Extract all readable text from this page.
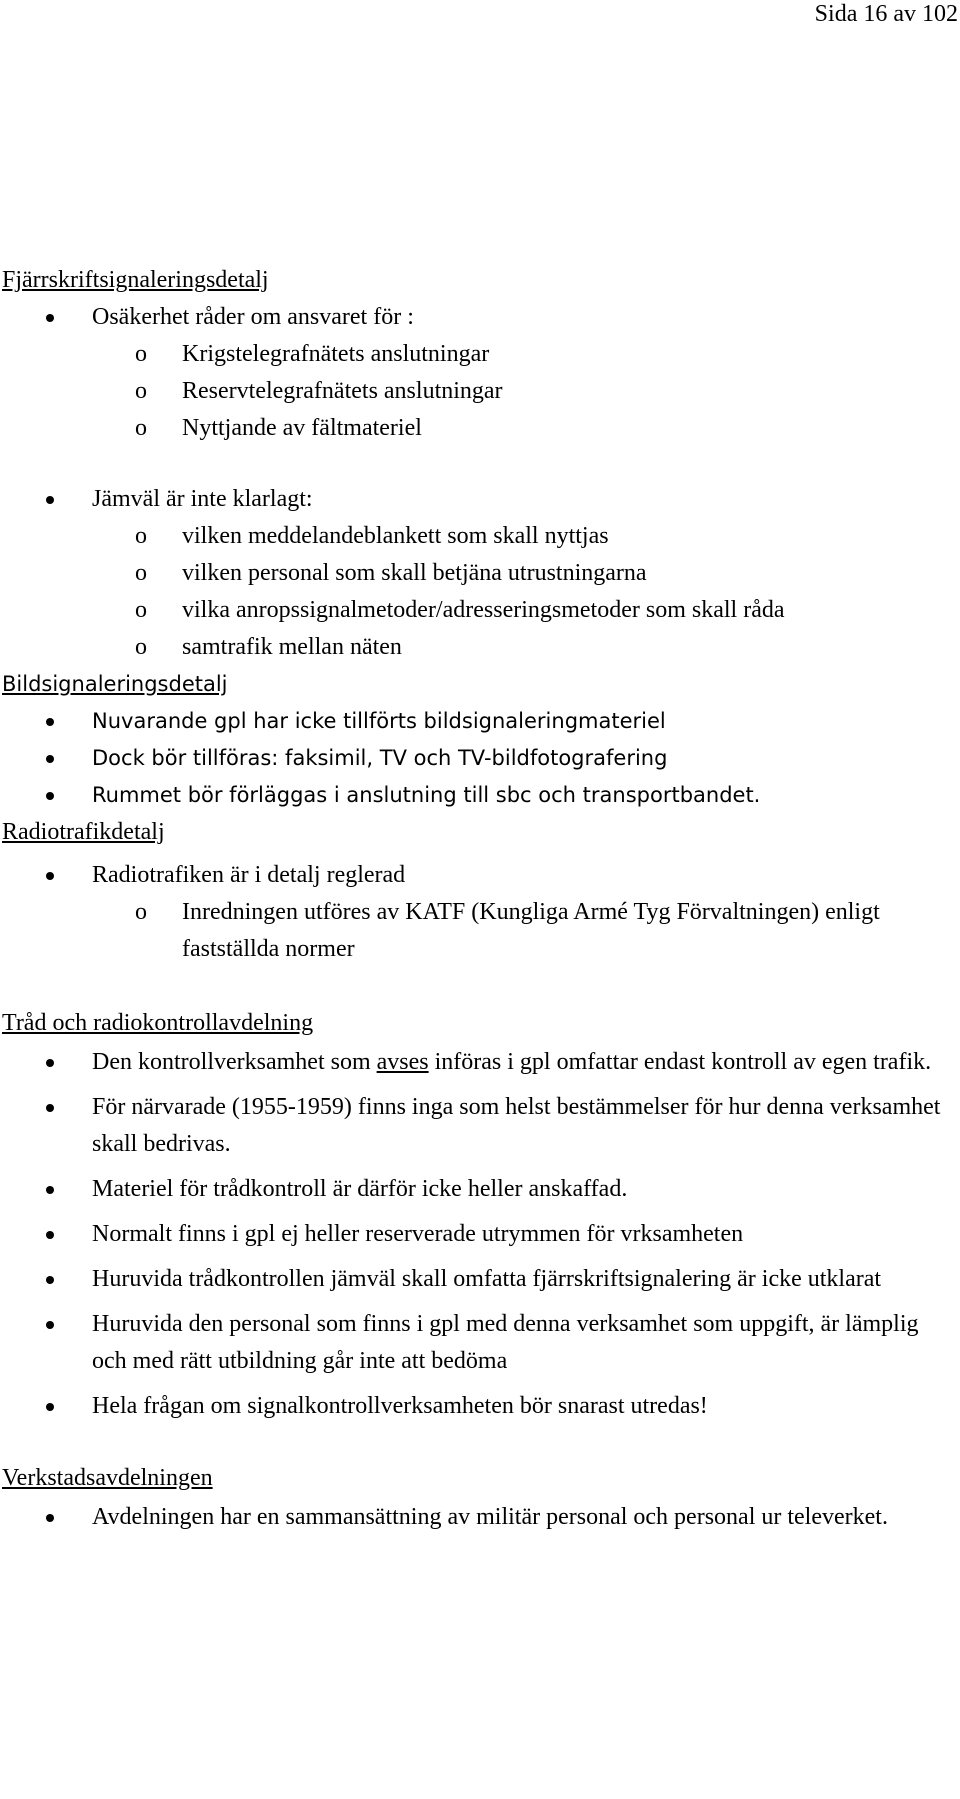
Sida 16 av 102

Fjärrskriftsignaleringsdetalj

Osäkerhet råder om ansvaret för :
o Krigstelegrafnätets anslutningar
o Reservtelegrafnätets anslutningar
o Nyttjande av fältmateriel
Jämväl är inte klarlagt:
o vilken meddelandeblankett som skall nyttjas
o vilken personal som skall betjäna utrustningarna
o vilka anropssignalmetoder/adresseringsmetoder som skall råda
o samtrafik mellan näten

Bildsignaleringsdetalj

Nuvarande gpl har icke tillförts bildsignaleringmateriel
Dock bör tillföras: faksimil, TV och TV-bildfotografering
Rummet bör förläggas i anslutning till sbc och transportbandet.

Radiotrafikdetalj

Radiotrafiken är i detalj reglerad
o Inredningen utföres av KATF (Kungliga Armé Tyg Förvaltningen) enligt fastställda normer

Tråd och radiokontrollavdelning

Den kontrollverksamhet som avses införas i gpl omfattar endast kontroll av egen trafik.
För närvarade (1955-1959) finns inga som helst bestämmelser för hur denna verksamhet skall bedrivas.
Materiel för trådkontroll är därför icke heller anskaffad.
Normalt finns i gpl ej heller reserverade utrymmen för vrksamheten
Huruvida trådkontrollen jämväl skall omfatta fjärrskriftsignalering är icke utklarat
Huruvida den personal som finns i gpl med denna verksamhet som uppgift, är lämplig och med rätt utbildning går inte att bedöma
Hela frågan om signalkontrollverksamheten bör snarast utredas!

Verkstadsavdelningen

Avdelningen har en sammansättning av militär personal och personal ur televerket.
